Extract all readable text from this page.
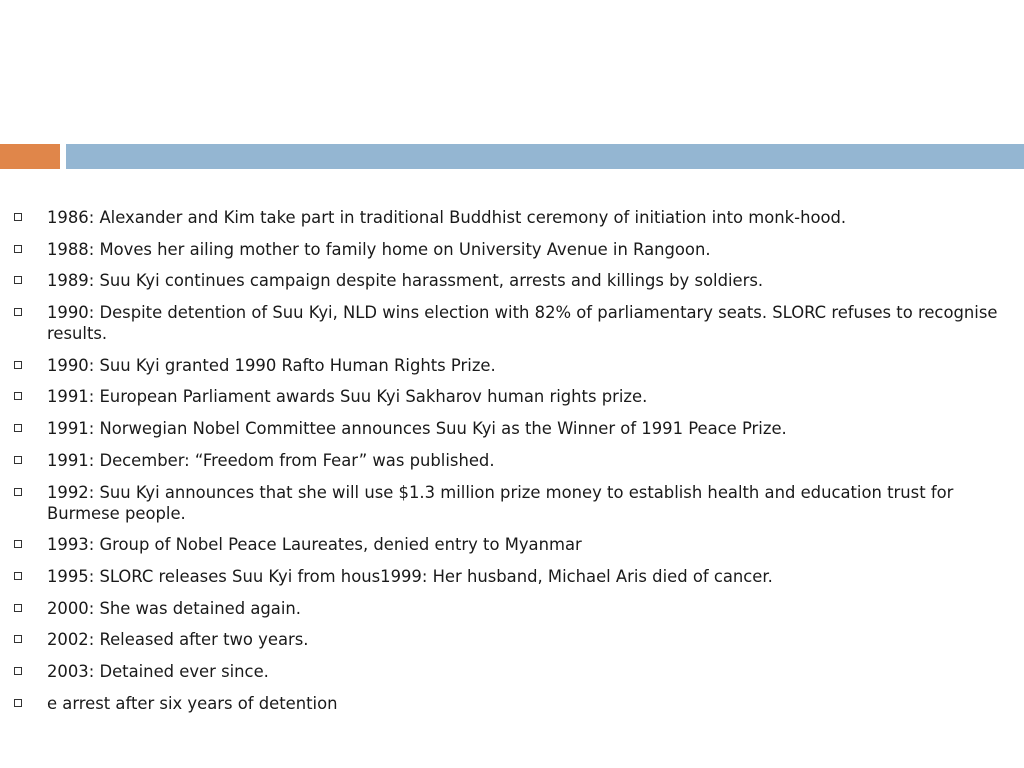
1986: Alexander and Kim take part in traditional Buddhist ceremony of initiation into monk-hood.
1988: Moves her ailing mother to family home on University Avenue in Rangoon.
1989: Suu Kyi continues campaign despite harassment, arrests and killings by soldiers.
1990: Despite detention of Suu Kyi, NLD wins election with 82% of parliamentary seats. SLORC refuses to recognise results.
1990: Suu Kyi granted 1990 Rafto Human Rights Prize.
1991: European Parliament awards Suu Kyi Sakharov human rights prize.
1991: Norwegian Nobel Committee announces Suu Kyi as the Winner of 1991 Peace Prize.
1991: December: “Freedom from Fear” was published.
1992: Suu Kyi announces that she will use $1.3 million prize money to establish health and education trust for Burmese people.
1993: Group of Nobel Peace Laureates, denied entry to Myanmar
1995: SLORC releases Suu Kyi from hous1999: Her husband, Michael Aris died of cancer.
2000: She was detained again.
2002: Released after two years.
2003: Detained ever since.
e arrest after six years of detention
